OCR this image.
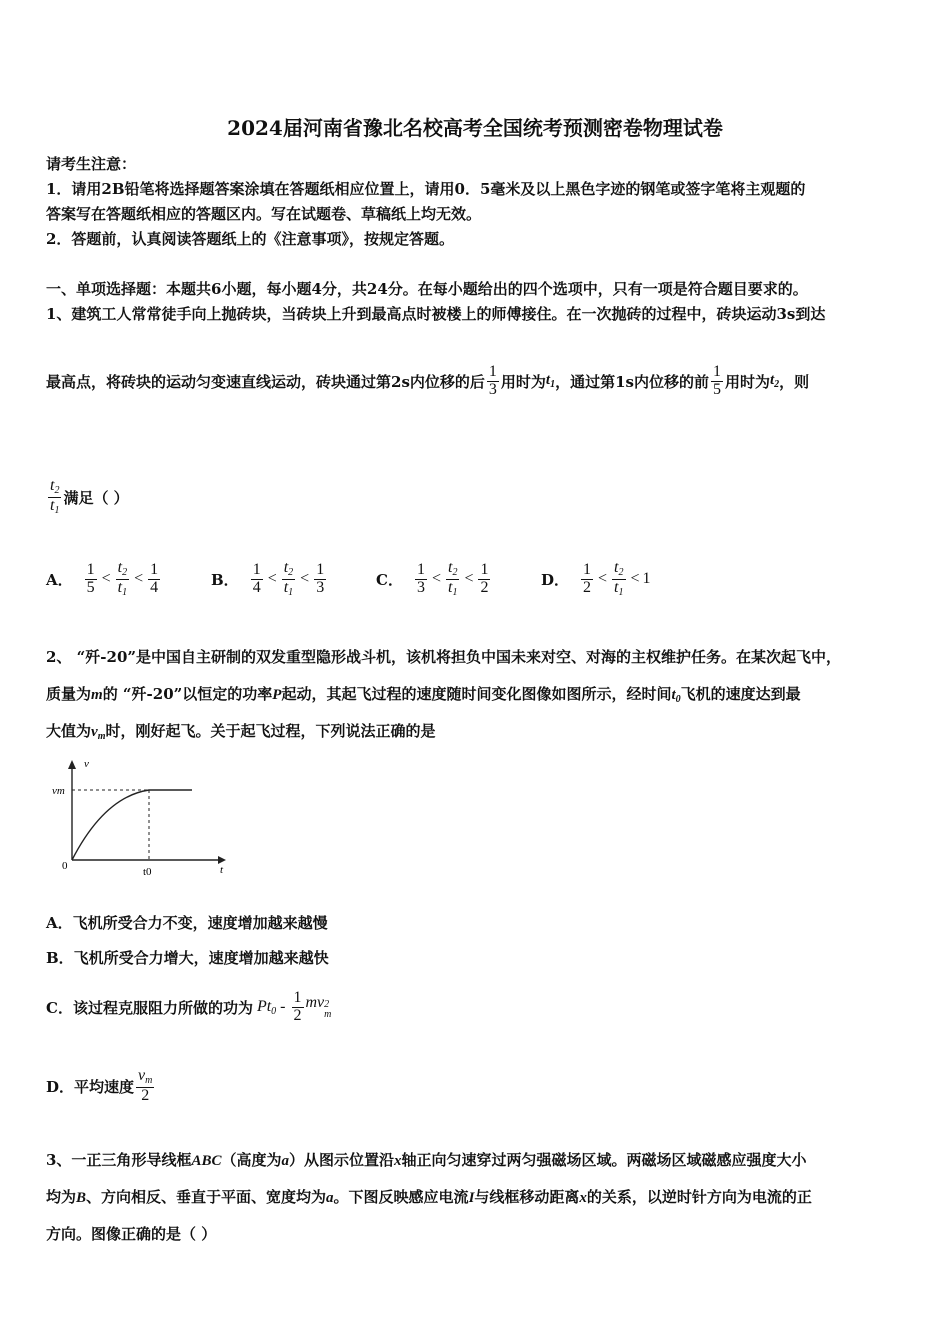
2024届河南省豫北名校高考全国统考预测密卷物理试卷
请考生注意：
1．请用2B铅笔将选择题答案涂填在答题纸相应位置上，请用0．5毫米及以上黑色字迹的钢笔或签字笔将主观题的
答案写在答题纸相应的答题区内。写在试题卷、草稿纸上均无效。
2．答题前，认真阅读答题纸上的《注意事项》，按规定答题。
一、单项选择题：本题共6小题，每小题4分，共24分。在每小题给出的四个选项中，只有一项是符合题目要求的。
1、建筑工人常常徒手向上抛砖块，当砖块上升到最高点时被楼上的师傅接住。在一次抛砖的过程中，砖块运动3s到达
最高点，将砖块的运动匀变速直线运动，砖块通过第2s内位移的后 $\frac{1}{3}$ 用时为 $t_1$ ，通过第1s内位移的前 $\frac{1}{5}$ 用时为 $t_2$ ，则
$\frac{t_2}{t_1}$ 满足（ ）
A． $\frac{1}{5} < \frac{t_2}{t_1} < \frac{1}{4}$	B． $\frac{1}{4} < \frac{t_2}{t_1} < \frac{1}{3}$	C． $\frac{1}{3} < \frac{t_2}{t_1} < \frac{1}{2}$	D． $\frac{1}{2} < \frac{t_2}{t_1} < 1$
2、 “歼-20”是中国自主研制的双发重型隐形战斗机，该机将担负中国未来对空、对海的主权维护任务。在某次起飞中，
质量为m的 “歼-20”以恒定的功率P起动，其起飞过程的速度随时间变化图像如图所示，经时间$t_0$飞机的速度达到最
大值为$v_m$时，刚好起飞。关于起飞过程，下列说法正确的是
v
t
vm
0	t0
A．飞机所受合力不变，速度增加越来越慢
B．飞机所受合力增大，速度增加越来越快
C．该过程克服阻力所做的功为 $Pt_0 - \frac{1}{2}$ mv 2
m
D．平均速度 $\frac{v_m}{2}$
3、一正三角形导线框ABC（高度为a）从图示位置沿x轴正向匀速穿过两匀强磁场区域。两磁场区域磁感应强度大小
均为B、方向相反、垂直于平面、宽度均为a。下图反映感应电流I与线框移动距离x的关系，以逆时针方向为电流的正
方向。图像正确的是（ ）
